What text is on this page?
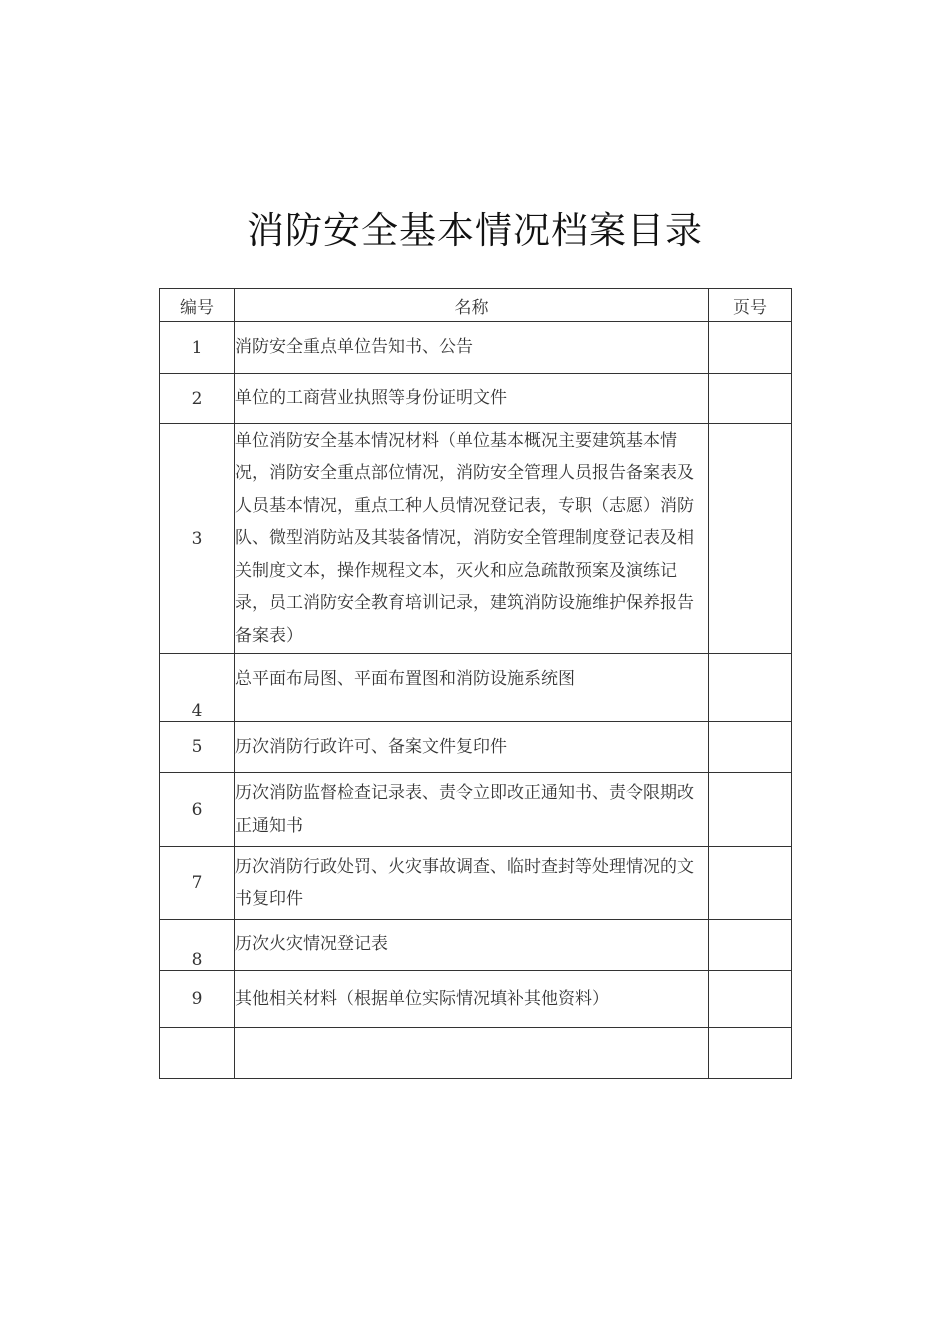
消防安全基本情况档案目录
编号	名称	页号
1	消防安全重点单位告知书、公告	
2	单位的工商营业执照等身份证明文件	
3	单位消防安全基本情况材料（单位基本概况主要建筑基本情况，消防安全重点部位情况，消防安全管理人员报告备案表及人员基本情况，重点工种人员情况登记表，专职（志愿）消防队、微型消防站及其装备情况，消防安全管理制度登记表及相关制度文本，操作规程文本，灭火和应急疏散预案及演练记录，员工消防安全教育培训记录，建筑消防设施维护保养报告备案表）	
4	总平面布局图、平面布置图和消防设施系统图	
5	历次消防行政许可、备案文件复印件	
6	历次消防监督检查记录表、责令立即改正通知书、责令限期改正通知书	
7	历次消防行政处罚、火灾事故调查、临时查封等处理情况的文书复印件	
8	历次火灾情况登记表	
9	其他相关材料（根据单位实际情况填补其他资料）	
